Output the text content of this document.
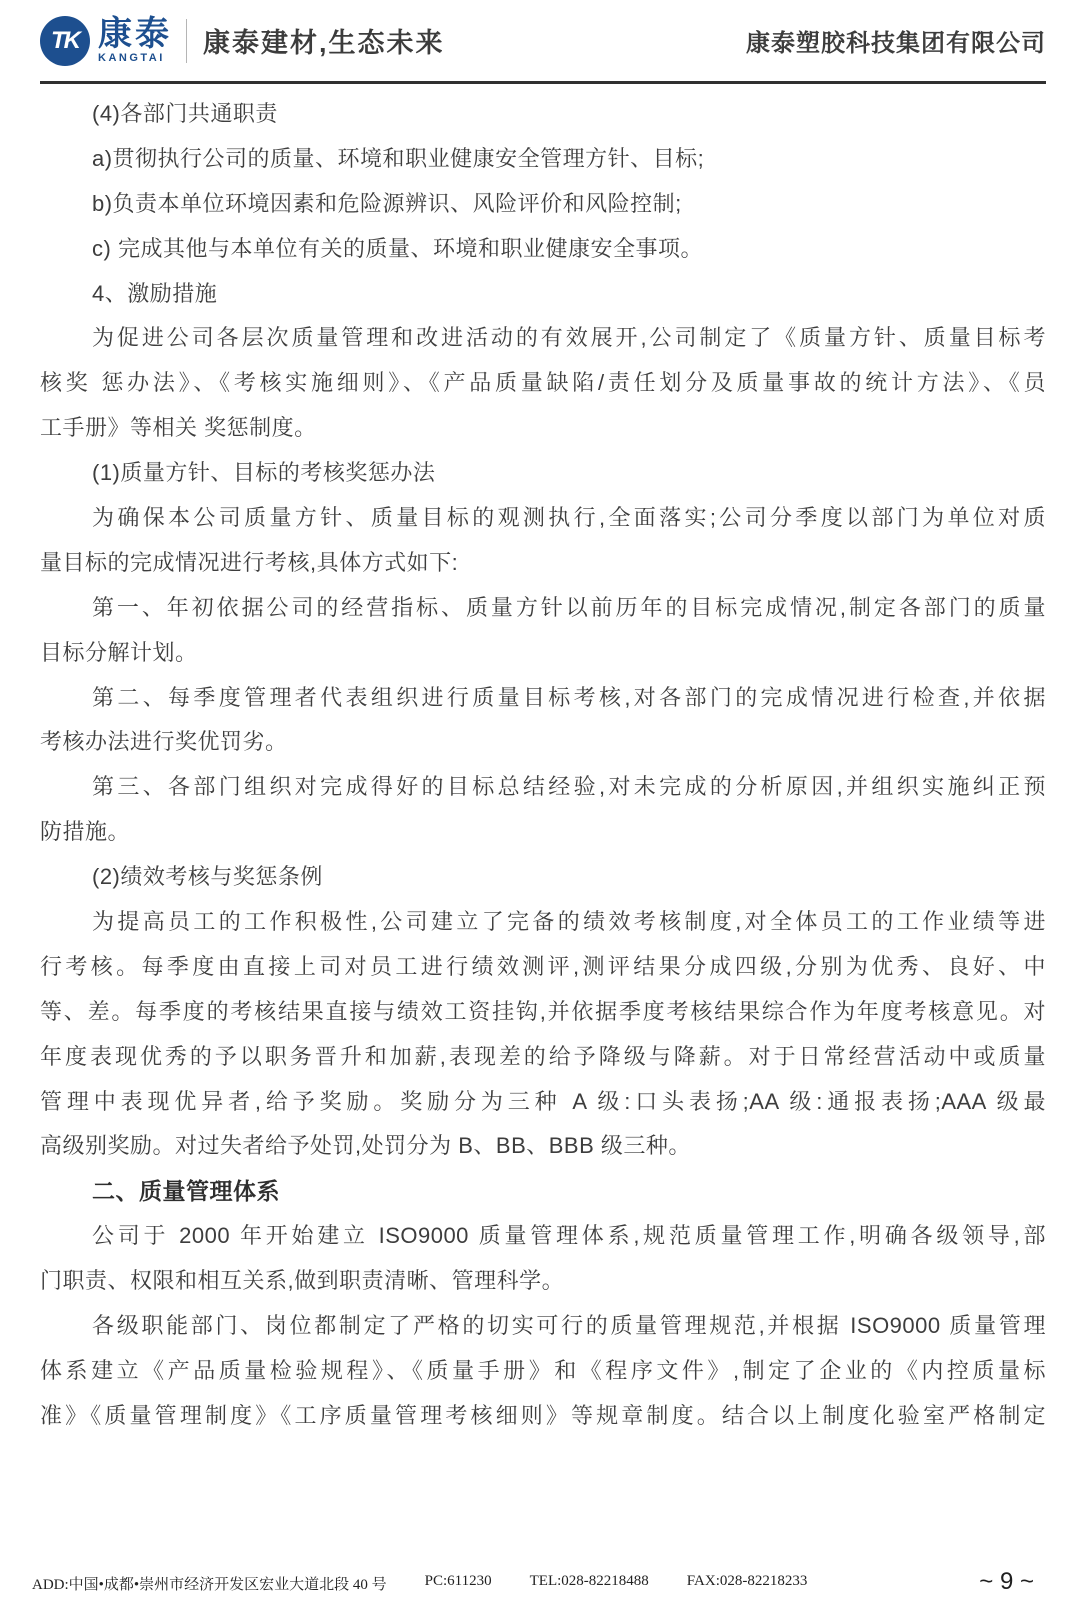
TK 康泰
KANGTAI 康泰建材,生态未来	康泰塑胶科技集团有限公司
(4)各部门共通职责
a)贯彻执行公司的质量、环境和职业健康安全管理方针、目标;
b)负责本单位环境因素和危险源辨识、风险评价和风险控制;
c) 完成其他与本单位有关的质量、环境和职业健康安全事项。
4、激励措施
为促进公司各层次质量管理和改进活动的有效展开,公司制定了《质量方针、质量目标考
核奖 惩办法》、《考核实施细则》、《产品质量缺陷/责任划分及质量事故的统计方法》、《员
工手册》等相关 奖惩制度。
(1)质量方针、目标的考核奖惩办法
为确保本公司质量方针、质量目标的观测执行,全面落实;公司分季度以部门为单位对质
量目标的完成情况进行考核,具体方式如下:
第一、年初依据公司的经营指标、质量方针以前历年的目标完成情况,制定各部门的质量
目标分解计划。
第二、每季度管理者代表组织进行质量目标考核,对各部门的完成情况进行检查,并依据
考核办法进行奖优罚劣。
第三、各部门组织对完成得好的目标总结经验,对未完成的分析原因,并组织实施纠正预
防措施。
(2)绩效考核与奖惩条例
为提高员工的工作积极性,公司建立了完备的绩效考核制度,对全体员工的工作业绩等进
行考核。每季度由直接上司对员工进行绩效测评,测评结果分成四级,分别为优秀、良好、中
等、差。每季度的考核结果直接与绩效工资挂钩,并依据季度考核结果综合作为年度考核意见。对
年度表现优秀的予以职务晋升和加薪,表现差的给予降级与降薪。对于日常经营活动中或质量
管理中表现优异者,给予奖励。奖励分为三种 A 级:口头表扬;AA 级:通报表扬;AAA 级最
高级别奖励。对过失者给予处罚,处罚分为 B、BB、BBB 级三种。
二、质量管理体系
公司于 2000 年开始建立 ISO9000 质量管理体系,规范质量管理工作,明确各级领导,部
门职责、权限和相互关系,做到职责清晰、管理科学。
各级职能部门、岗位都制定了严格的切实可行的质量管理规范,并根据 ISO9000 质量管理
体系建立《产品质量检验规程》、《质量手册》和《程序文件》,制定了企业的《内控质量标
准》《质量管理制度》《工序质量管理考核细则》等规章制度。结合以上制度化验室严格制定
ADD:中国•成都•崇州市经济开发区宏业大道北段 40 号	PC:611230	TEL:028-82218488	FAX:028-82218233	~ 9 ~
